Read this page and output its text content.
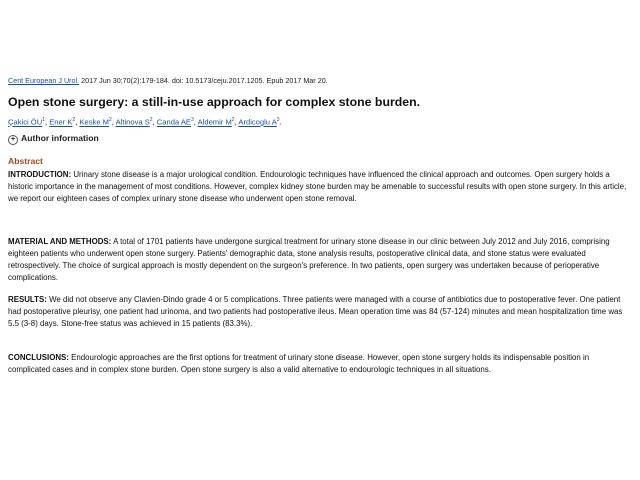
Cent European J Urol. 2017 Jun 30;70(2):179-184. doi: 10.5173/ceju.2017.1205. Epub 2017 Mar 20.
Open stone surgery: a still-in-use approach for complex stone burden.
Çakici $ÖU^1$, Ener $K^2$, Keske $M^2$, Altinova $S^2$, Canda $AE^3$, Aldemir $M^2$, Ardicoglu $A^3$.
+ Author information
Abstract
INTRODUCTION: Urinary stone disease is a major urological condition. Endourologic techniques have influenced the clinical approach and outcomes. Open surgery holds a historic importance in the management of most conditions. However, complex kidney stone burden may be amenable to successful results with open stone surgery. In this article, we report our eighteen cases of complex urinary stone disease who underwent open stone removal.
MATERIAL AND METHODS: A total of 1701 patients have undergone surgical treatment for urinary stone disease in our clinic between July 2012 and July 2016, comprising eighteen patients who underwent open stone surgery. Patients' demographic data, stone analysis results, postoperative clinical data, and stone status were evaluated retrospectively. The choice of surgical approach is mostly dependent on the surgeon's preference. In two patients, open surgery was undertaken because of perioperative complications.
RESULTS: We did not observe any Clavien-Dindo grade 4 or 5 complications. Three patients were managed with a course of antibiotics due to postoperative fever. One patient had postoperative pleurisy, one patient had urinoma, and two patients had postoperative ileus. Mean operation time was 84 (57-124) minutes and mean hospitalization time was 5.5 (3-8) days. Stone-free status was achieved in 15 patients (83.3%).
CONCLUSIONS: Endourologic approaches are the first options for treatment of urinary stone disease. However, open stone surgery holds its indispensable position in complicated cases and in complex stone burden. Open stone surgery is also a valid alternative to endourologic techniques in all situations.
